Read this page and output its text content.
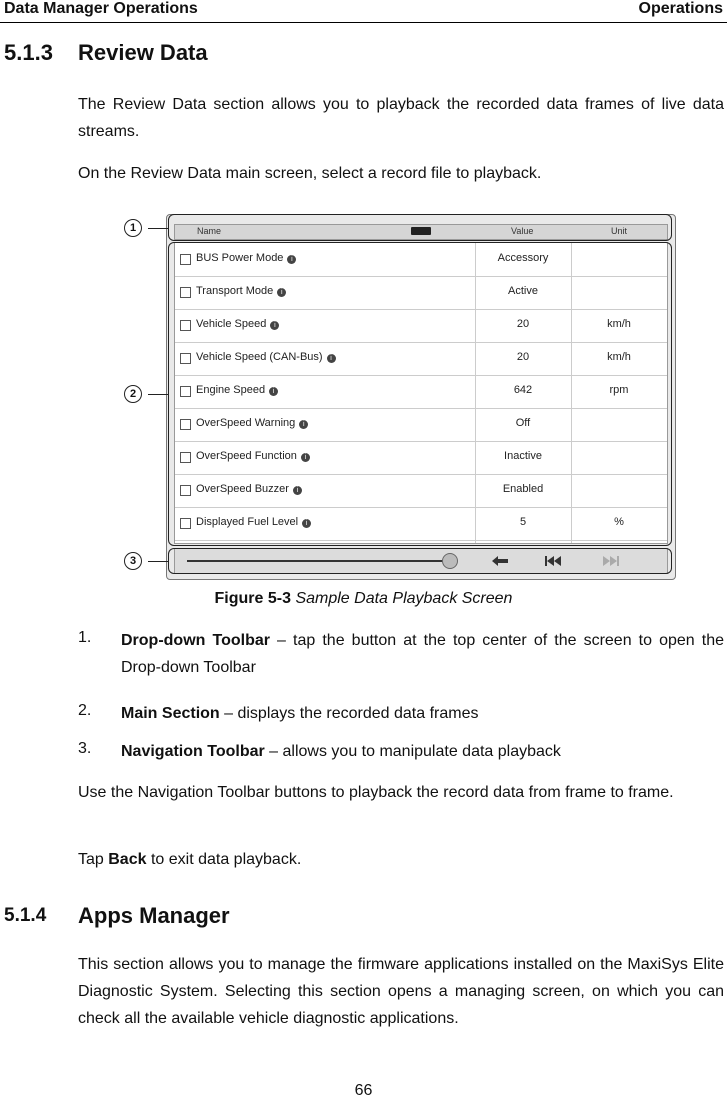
Data Manager Operations	Operations
5.1.3 Review Data
The Review Data section allows you to playback the recorded data frames of live data streams.
On the Review Data main screen, select a record file to playback.
Name	Value	Unit
BUS Power Mode i	Accessory
Transport Mode i	Active
Vehicle Speed i	20	km/h
Vehicle Speed (CAN-Bus) i	20	km/h
Engine Speed i	642	rpm
OverSpeed Warning i	Off
OverSpeed Function i	Inactive
OverSpeed Buzzer i	Enabled
Displayed Fuel Level i	5	%
1
2
3
Figure 5-3 Sample Data Playback Screen
1. Drop-down Toolbar – tap the button at the top center of the screen to open the Drop-down Toolbar
2. Main Section – displays the recorded data frames
3. Navigation Toolbar – allows you to manipulate data playback
Use the Navigation Toolbar buttons to playback the record data from frame to frame.
Tap Back to exit data playback.
5.1.4 Apps Manager
This section allows you to manage the firmware applications installed on the MaxiSys Elite Diagnostic System. Selecting this section opens a managing screen, on which you can check all the available vehicle diagnostic applications.
66
